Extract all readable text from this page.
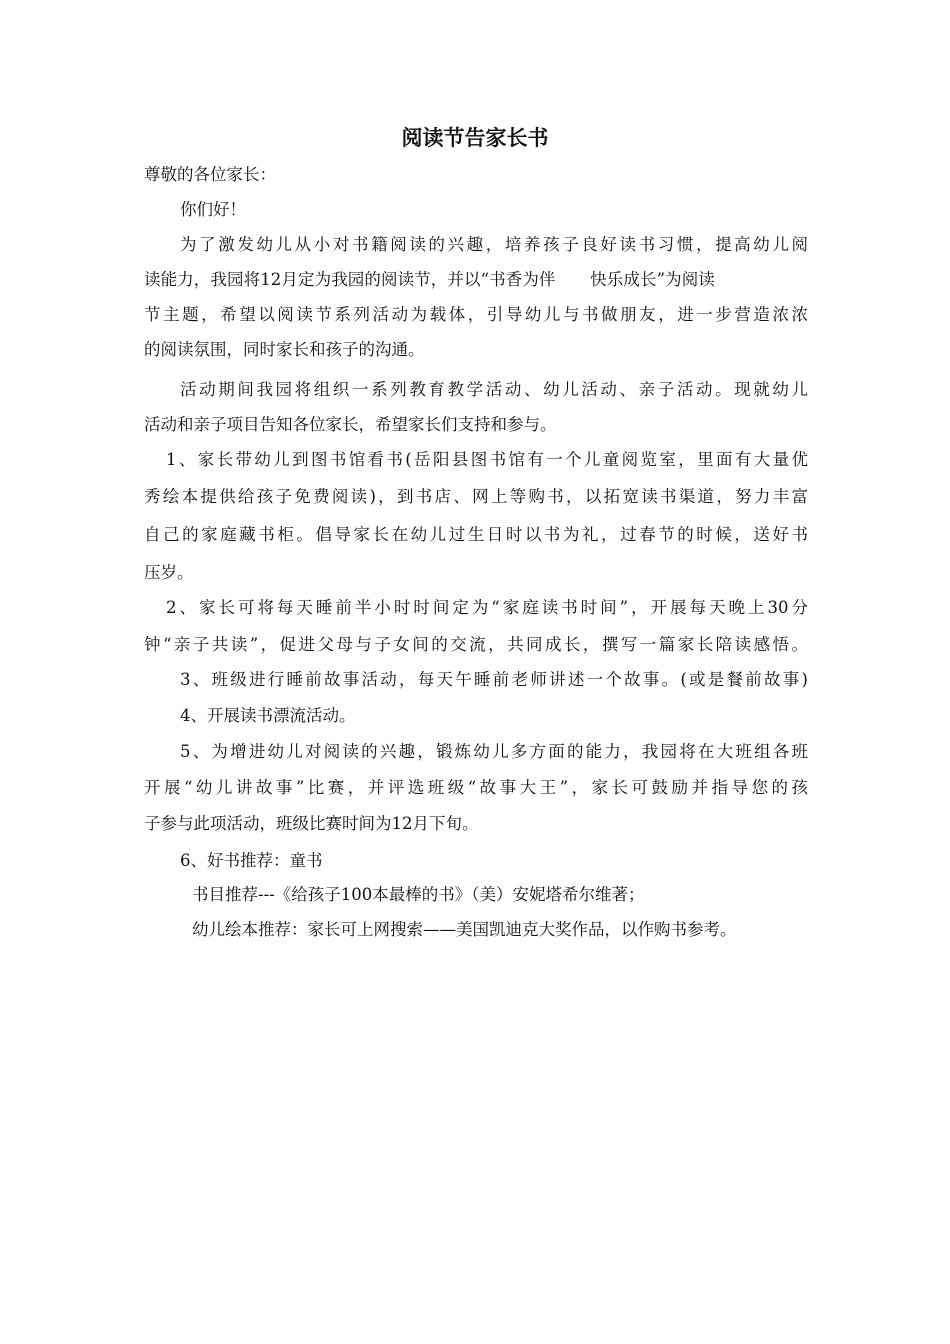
阅读节告家长书
尊敬的各位家长：
你们好！
为了激发幼儿从小对书籍阅读的兴趣，培养孩子良好读书习惯，提高幼儿阅
读能力，我园将12月定为我园的阅读节，并以“书香为伴 快乐成长”为阅读
节主题，希望以阅读节系列活动为载体，引导幼儿与书做朋友，进一步营造浓浓
的阅读氛围，同时家长和孩子的沟通。
活动期间我园将组织一系列教育教学活动、幼儿活动、亲子活动。现就幼儿
活动和亲子项目告知各位家长，希望家长们支持和参与。
1、家长带幼儿到图书馆看书(岳阳县图书馆有一个儿童阅览室，里面有大量优
秀绘本提供给孩子免费阅读)，到书店、网上等购书，以拓宽读书渠道，努力丰富
自己的家庭藏书柜。倡导家长在幼儿过生日时以书为礼，过春节的时候，送好书
压岁。
2、家长可将每天睡前半小时时间定为“家庭读书时间”，开展每天晚上30分
钟“亲子共读”，促进父母与子女间的交流，共同成长，撰写一篇家长陪读感悟。
3、班级进行睡前故事活动，每天午睡前老师讲述一个故事。(或是餐前故事)
4、开展读书漂流活动。
5、为增进幼儿对阅读的兴趣，锻炼幼儿多方面的能力，我园将在大班组各班
开展“幼儿讲故事”比赛，并评选班级“故事大王”，家长可鼓励并指导您的孩
子参与此项活动，班级比赛时间为12月下旬。
6、好书推荐：童书
书目推荐---《给孩子100本最棒的书》（美）安妮塔希尔维著；
幼儿绘本推荐：家长可上网搜索——美国凯迪克大奖作品，以作购书参考。
